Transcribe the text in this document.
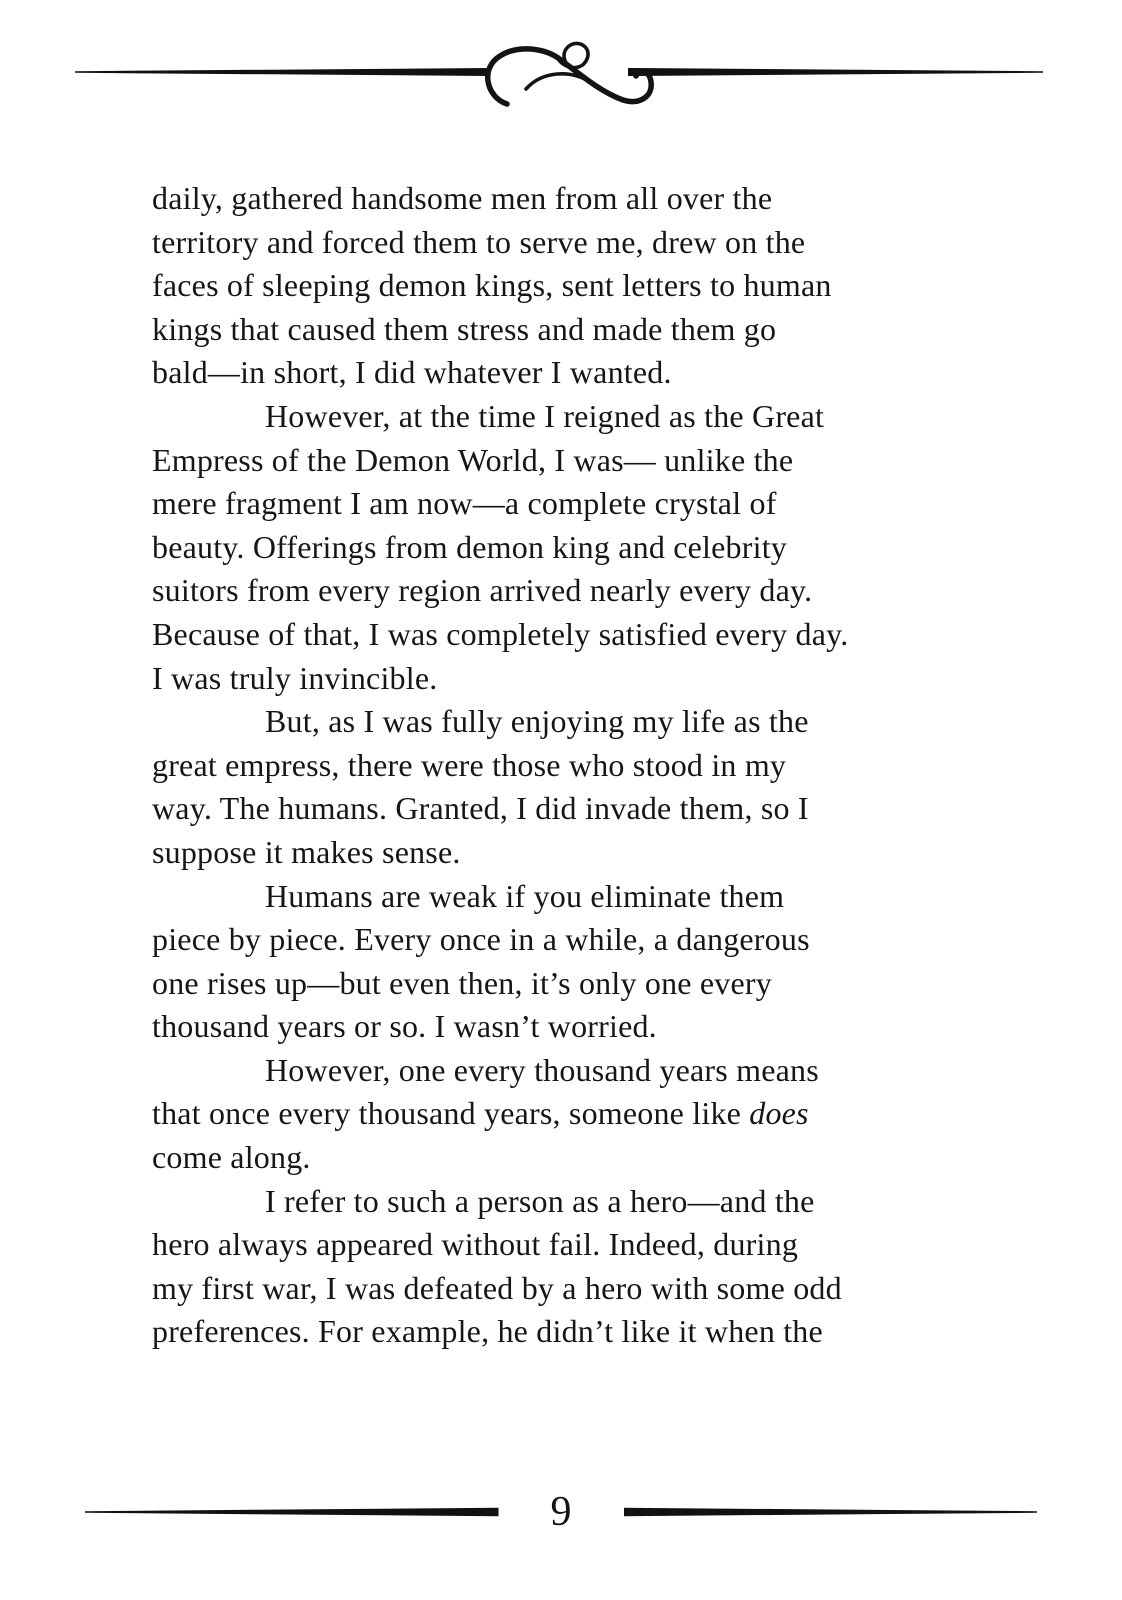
daily, gathered handsome men from all over the
territory and forced them to serve me, drew on the
faces of sleeping demon kings, sent letters to human
kings that caused them stress and made them go
bald—in short, I did whatever I wanted.
However, at the time I reigned as the Great
Empress of the Demon World, I was— unlike the
mere fragment I am now—a complete crystal of
beauty. Offerings from demon king and celebrity
suitors from every region arrived nearly every day.
Because of that, I was completely satisfied every day.
I was truly invincible.
But, as I was fully enjoying my life as the
great empress, there were those who stood in my
way. The humans. Granted, I did invade them, so I
suppose it makes sense.
Humans are weak if you eliminate them
piece by piece. Every once in a while, a dangerous
one rises up—but even then, it’s only one every
thousand years or so. I wasn’t worried.
However, one every thousand years means
that once every thousand years, someone like does
come along.
I refer to such a person as a hero—and the
hero always appeared without fail. Indeed, during
my first war, I was defeated by a hero with some odd
preferences. For example, he didn’t like it when the
9
